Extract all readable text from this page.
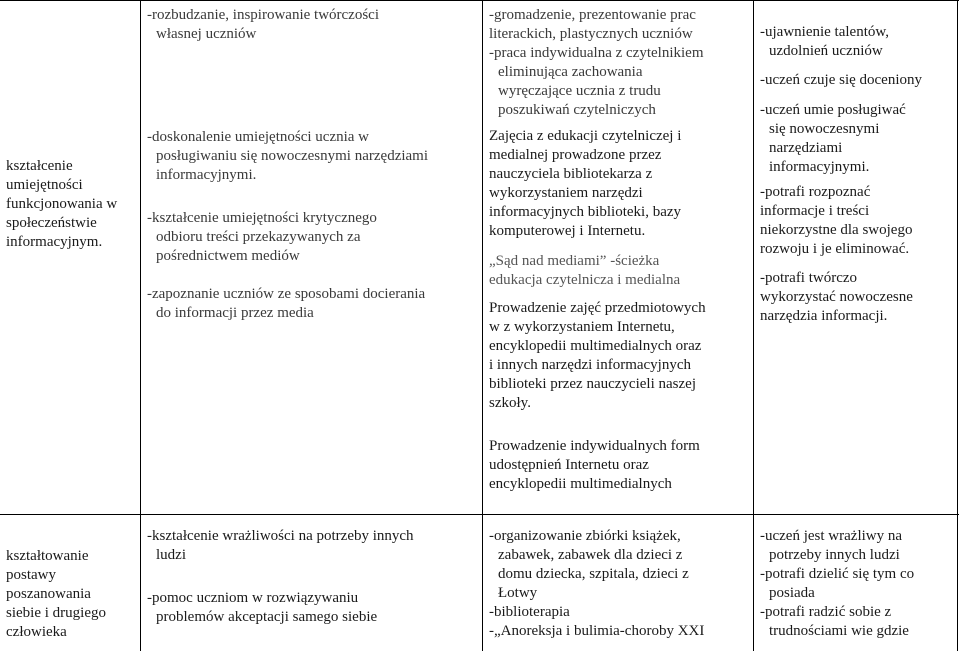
kształcenie

umiejętności

funkcjonowania w

społeczeństwie

informacyjnym.

-rozbudzanie, inspirowanie twórczości

własnej uczniów

-doskonalenie umiejętności ucznia w

posługiwaniu się nowoczesnymi narzędziami

informacyjnymi.

-kształcenie umiejętności krytycznego

odbioru treści przekazywanych za

pośrednictwem mediów

-zapoznanie uczniów ze sposobami docierania

do informacji przez media

-gromadzenie, prezentowanie prac

literackich, plastycznych uczniów

-praca indywidualna z czytelnikiem

eliminująca zachowania

wyręczające ucznia z trudu

poszukiwań czytelniczych

Zajęcia z edukacji czytelniczej i

medialnej prowadzone przez

nauczyciela bibliotekarza z

wykorzystaniem narzędzi

informacyjnych biblioteki, bazy

komputerowej i Internetu.

„Sąd nad mediami” -ścieżka

edukacja czytelnicza i medialna

Prowadzenie zajęć przedmiotowych

w z wykorzystaniem Internetu,

encyklopedii multimedialnych oraz

i innych narzędzi informacyjnych

biblioteki przez nauczycieli naszej

szkoły.

Prowadzenie indywidualnych form

udostępnień Internetu oraz

encyklopedii multimedialnych

-ujawnienie talentów,

uzdolnień uczniów

-uczeń czuje się doceniony

-uczeń umie posługiwać

się nowoczesnymi

narzędziami

informacyjnymi.

-potrafi rozpoznać

informacje i treści

niekorzystne dla swojego

rozwoju i je eliminować.

-potrafi twórczo

wykorzystać nowoczesne

narzędzia informacji.

kształtowanie

postawy

poszanowania

siebie i drugiego

człowieka

-kształcenie wrażliwości na potrzeby innych

ludzi

-pomoc uczniom w rozwiązywaniu

problemów akceptacji samego siebie

-organizowanie zbiórki książek,

zabawek, zabawek dla dzieci z

domu dziecka, szpitala, dzieci z

Łotwy

-biblioterapia

-„Anoreksja i bulimia-choroby XXI

-uczeń jest wrażliwy na

potrzeby innych ludzi

-potrafi dzielić się tym co

posiada

-potrafi radzić sobie z

trudnościami wie gdzie
